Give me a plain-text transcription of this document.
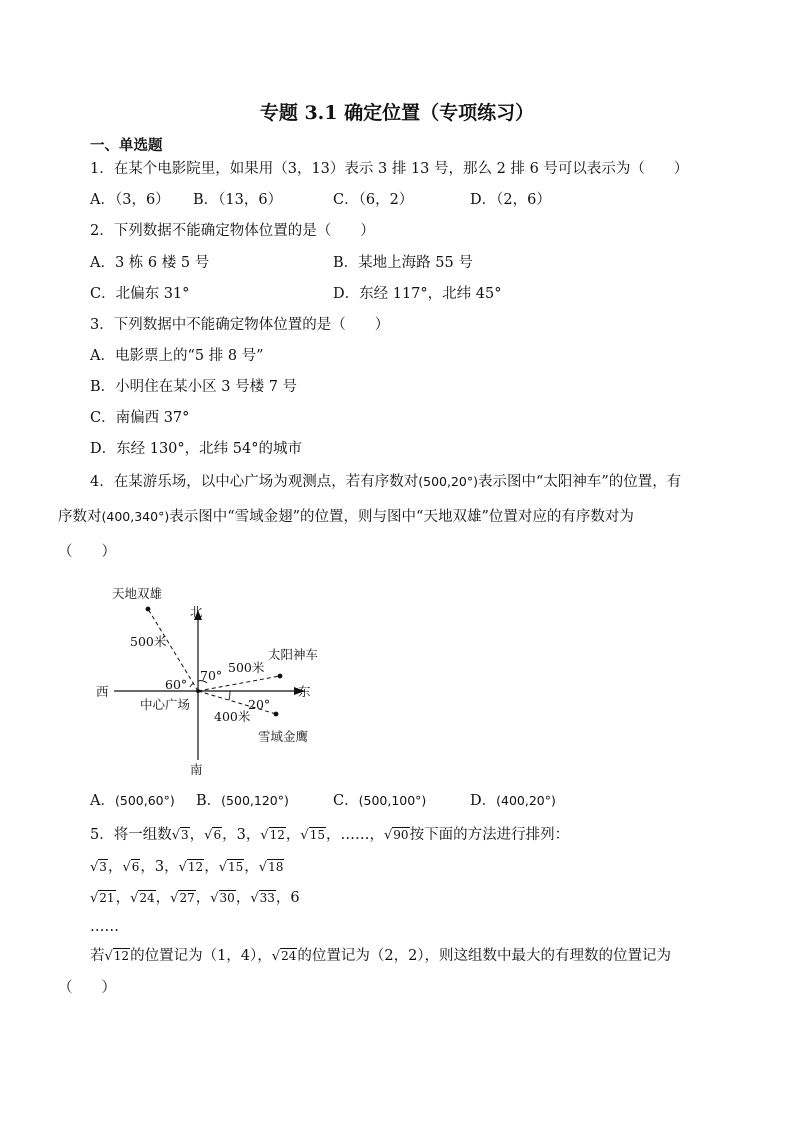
专题 3.1 确定位置（专项练习）
一、单选题
1．在某个电影院里，如果用（3，13）表示 3 排 13 号，那么 2 排 6 号可以表示为（　　）
A．（3，6） B．（13，6）	C．（6，2）	D．（2，6）
2．下列数据不能确定物体位置的是（　　）
A．3 栋 6 楼 5 号	B．某地上海路 55 号
C．北偏东 31°	D．东经 117°，北纬 45°
3．下列数据中不能确定物体位置的是（　　）
A．电影票上的“5 排 8 号”
B．小明住在某小区 3 号楼 7 号
C．南偏西 37°
D．东经 130°，北纬 54°的城市
4．在某游乐场，以中心广场为观测点，若有序数对(500,20°)表示图中“太阳神车”的位置，有
序数对(400,340°)表示图中“雪域金翅”的位置，则与图中“天地双雄”位置对应的有序数对为
（　　）
北
南
东
西
中心广场
天地双雄
太阳神车
雪域金鹰
500米
500米
400米
70°
60°
20°
A．(500,60°) B．(500,120°)	C．(500,100°)	D．(400,20°)
5．将一组数√3，√6，3，√12，√15，……，√90按下面的方法进行排列：
√3，√6，3，√12，√15，√18
√21，√24，√27，√30，√33，6
……
若√12的位置记为（1，4），√24的位置记为（2，2），则这组数中最大的有理数的位置记为
（　　）
